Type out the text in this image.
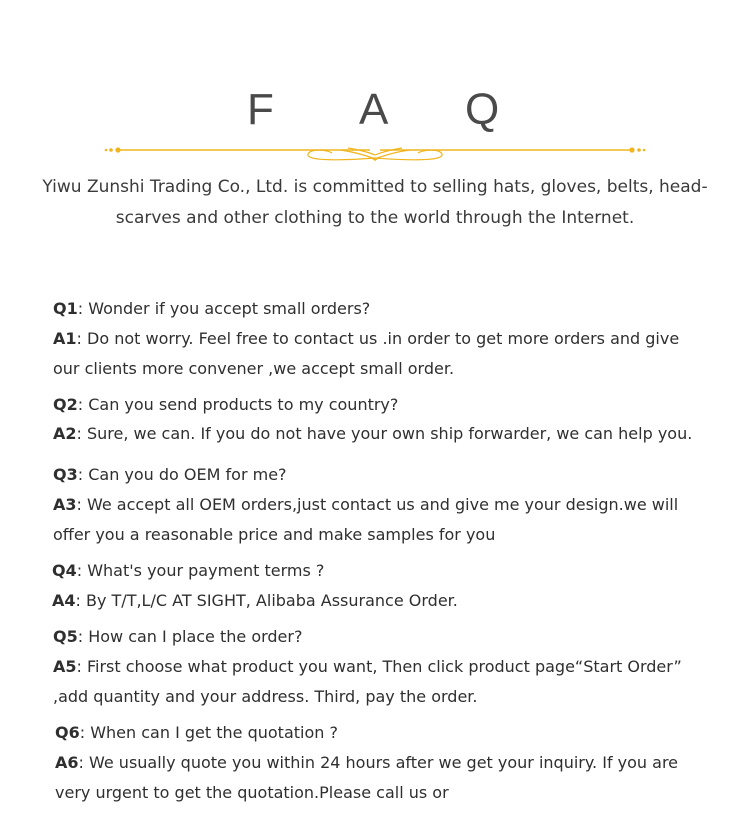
F A Q
Yiwu Zunshi Trading Co., Ltd. is committed to selling hats, gloves, belts, head-
scarves and other clothing to the world through the Internet.
Q1: Wonder if you accept small orders?
A1: Do not worry. Feel free to contact us .in order to get more orders and give
our clients more convener ,we accept small order.
Q2: Can you send products to my country?
A2: Sure, we can. If you do not have your own ship forwarder, we can help you.
Q3: Can you do OEM for me?
A3: We accept all OEM orders,just contact us and give me your design.we will
offer you a reasonable price and make samples for you
Q4: What's your payment terms ?
A4: By T/T,L/C AT SIGHT, Alibaba Assurance Order.
Q5: How can I place the order?
A5: First choose what product you want, Then click product page“Start Order”
,add quantity and your address. Third, pay the order.
Q6: When can I get the quotation ?
A6: We usually quote you within 24 hours after we get your inquiry. If you are
very urgent to get the quotation.Please call us or
